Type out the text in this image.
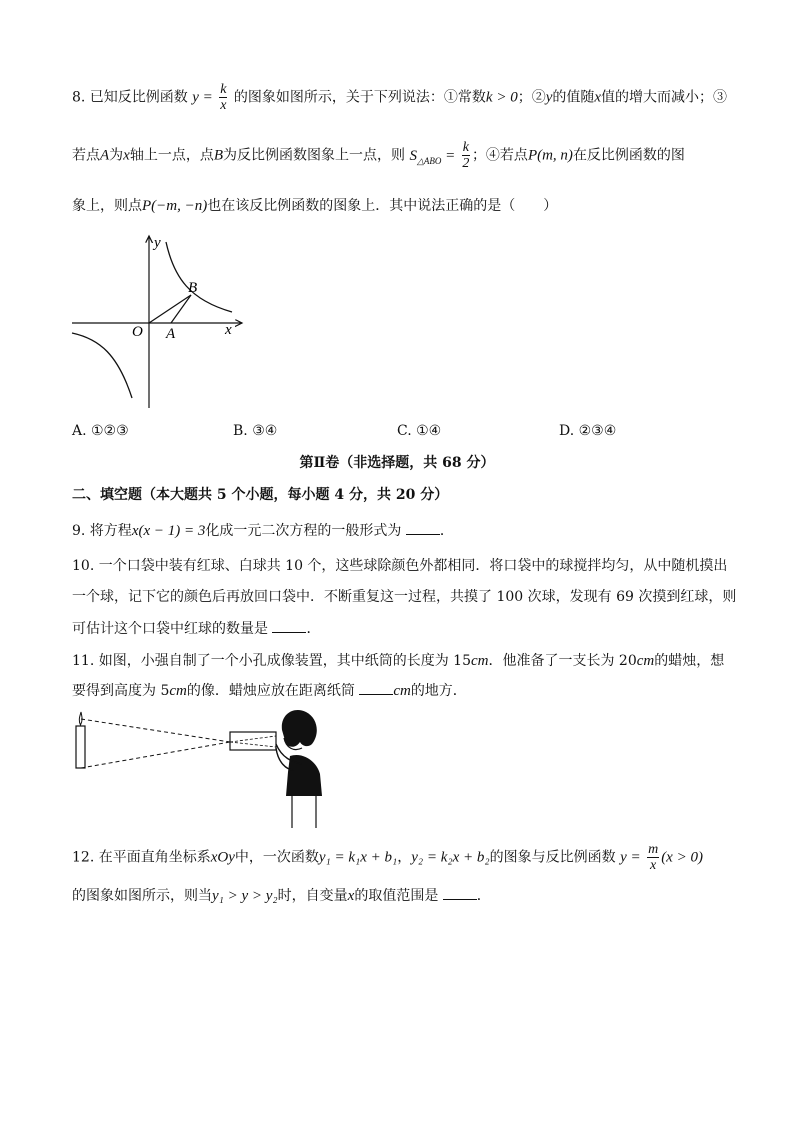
8. 已知反比例函数 $y = \frac{k}{x}$ 的图象如图所示，关于下列说法：①常数k > 0；②y的值随x值的增大而减小；③
若点A为x轴上一点，点B为反比例函数图象上一点，则 $S_{\triangle ABO} = \frac{k}{2}$ ；④若点P(m, n)在反比例函数的图
象上，则点P(−m, −n)也在该反比例函数的图象上．其中说法正确的是（　　）
y
x
O A
B
A. ①②③	B. ③④	C. ①④	D. ②③④
第Ⅱ卷（非选择题，共 68 分）
二、填空题（本大题共 5 个小题，每小题 4 分，共 20 分）
9. 将方程x(x − 1) = 3化成一元二次方程的一般形式为	．
10. 一个口袋中装有红球、白球共 10 个，这些球除颜色外都相同．将口袋中的球搅拌均匀，从中随机摸出
一个球，记下它的颜色后再放回口袋中．不断重复这一过程，共摸了 100 次球，发现有 69 次摸到红球，则
可估计这个口袋中红球的数量是	．
11. 如图，小强自制了一个小孔成像装置，其中纸筒的长度为 15cm．他准备了一支长为 20cm的蜡烛，想
要得到高度为 5cm的像．蜡烛应放在距离纸筒	cm的地方．
12. 在平面直角坐标系xOy中，一次函数y₁ = k₁x + b₁，y₂ = k₂x + b₂的图象与反比例函数 $y = \frac{m}{x} (x > 0)$
的图象如图所示，则当y₁ > y > y₂时，自变量x的取值范围是	．
